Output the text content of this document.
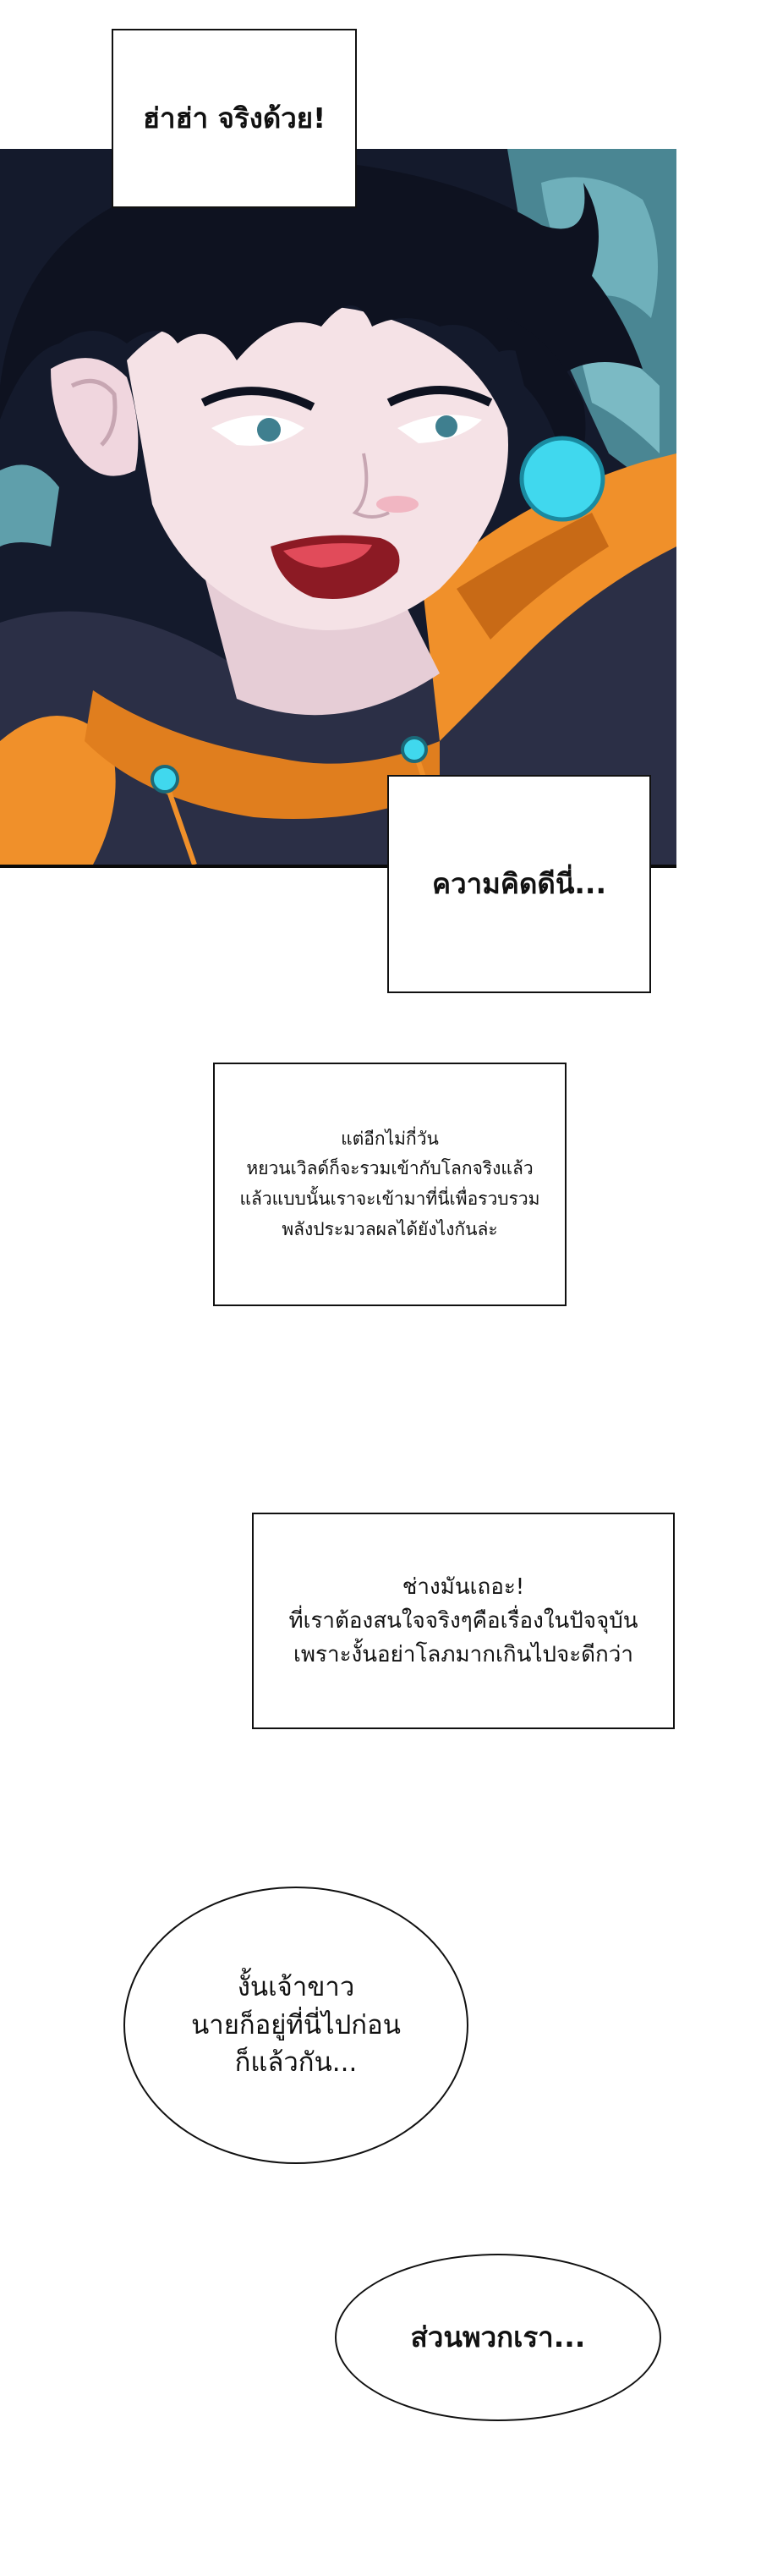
ฮ่าฮ่า จริงด้วย!

ความคิดดีนี่...

แต่อีกไม่กี่วัน
หยวนเวิลด์ก็จะรวมเข้ากับโลกจริงแล้ว
แล้วแบบนั้นเราจะเข้ามาที่นี่เพื่อรวบรวม
พลังประมวลผลได้ยังไงกันล่ะ

ช่างมันเถอะ!
ที่เราต้องสนใจจริงๆคือเรื่องในปัจจุบัน
เพราะงั้นอย่าโลภมากเกินไปจะดีกว่า

งั้นเจ้าขาว
นายก็อยู่ที่นี่ไปก่อน
ก็แล้วกัน...

ส่วนพวกเรา...
